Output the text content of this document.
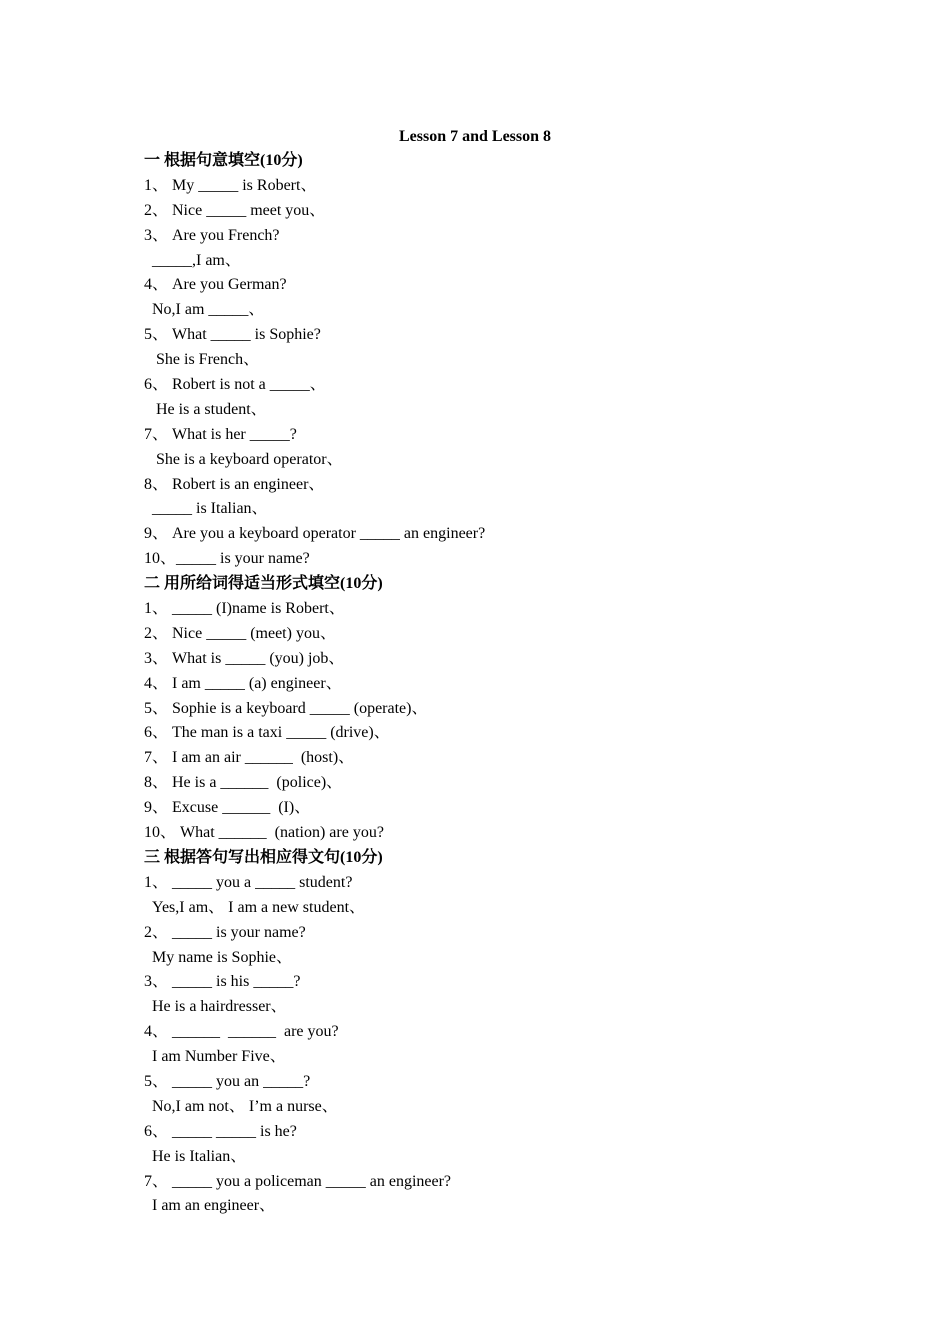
Lesson 7 and Lesson 8
一 根据句意填空(10分)
1、 My _____ is Robert、
2、 Nice _____ meet you、
3、 Are you French?
_____,I am、
4、 Are you German?
No,I am _____、
5、 What _____ is Sophie?
She is French、
6、 Robert is not a _____、
He is a student、
7、 What is her _____?
She is a keyboard operator、
8、 Robert is an engineer、
_____ is Italian、
9、 Are you a keyboard operator _____ an engineer?
10、_____ is your name?
二 用所给词得适当形式填空(10分)
1、 _____ (I)name is Robert、
2、 Nice _____ (meet) you、
3、 What is _____ (you) job、
4、 I am _____ (a) engineer、
5、 Sophie is a keyboard _____ (operate)、
6、 The man is a taxi _____ (drive)、
7、 I am an air ______  (host)、
8、 He is a ______  (police)、
9、 Excuse ______  (I)、
10、 What ______  (nation) are you?
三 根据答句写出相应得文句(10分)
1、 _____ you a _____ student?
Yes,I am、 I am a new student、
2、 _____ is your name?
My name is Sophie、
3、 _____ is his _____?
He is a hairdresser、
4、 ______  ______  are you?
I am Number Five、
5、 _____ you an _____?
No,I am not、 I’m a nurse、
6、 _____ _____ is he?
He is Italian、
7、 _____ you a policeman _____ an engineer?
I am an engineer、
